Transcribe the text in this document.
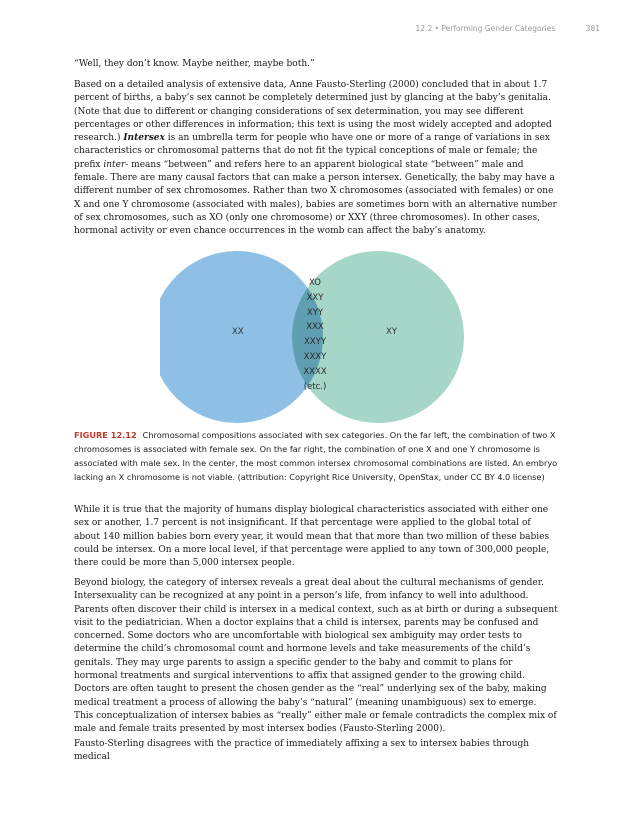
12.2 • Performing Gender Categories	381

“Well, they don’t know. Maybe neither, maybe both.”

Based on a detailed analysis of extensive data, Anne Fausto-Sterling (2000) concluded that in about 1.7 percent of births, a baby’s sex cannot be completely determined just by glancing at the baby’s genitalia. (Note that due to different or changing considerations of sex determination, you may see different percentages or other differences in information; this text is using the most widely accepted and adopted research.) Intersex is an umbrella term for people who have one or more of a range of variations in sex characteristics or chromosomal patterns that do not fit the typical conceptions of male or female; the prefix inter- means “between” and refers here to an apparent biological state “between” male and female. There are many causal factors that can make a person intersex. Genetically, the baby may have a different number of sex chromosomes. Rather than two X chromosomes (associated with females) or one X and one Y chromosome (associated with males), babies are sometimes born with an alternative number of sex chromosomes, such as XO (only one chromosome) or XXY (three chromosomes). In other cases, hormonal activity or even chance occurrences in the womb can affect the baby’s anatomy.

XX	XY
XO
XXY
XYY
XXX
XXYY
XXXY
XXXX
(etc.)
FIGURE 12.12 Chromosomal compositions associated with sex categories. On the far left, the combination of two X chromosomes is associated with female sex. On the far right, the combination of one X and one Y chromosome is associated with male sex. In the center, the most common intersex chromosomal combinations are listed. An embryo lacking an X chromosome is not viable. (attribution: Copyright Rice University, OpenStax, under CC BY 4.0 license)

While it is true that the majority of humans display biological characteristics associated with either one sex or another, 1.7 percent is not insignificant. If that percentage were applied to the global total of about 140 million babies born every year, it would mean that that more than two million of these babies could be intersex. On a more local level, if that percentage were applied to any town of 300,000 people, there could be more than 5,000 intersex people.

Beyond biology, the category of intersex reveals a great deal about the cultural mechanisms of gender. Intersexuality can be recognized at any point in a person’s life, from infancy to well into adulthood. Parents often discover their child is intersex in a medical context, such as at birth or during a subsequent visit to the pediatrician. When a doctor explains that a child is intersex, parents may be confused and concerned. Some doctors who are uncomfortable with biological sex ambiguity may order tests to determine the child’s chromosomal count and hormone levels and take measurements of the child’s genitals. They may urge parents to assign a specific gender to the baby and commit to plans for hormonal treatments and surgical interventions to affix that assigned gender to the growing child. Doctors are often taught to present the chosen gender as the “real” underlying sex of the baby, making medical treatment a process of allowing the baby’s “natural” (meaning unambiguous) sex to emerge. This conceptualization of intersex babies as “really” either male or female contradicts the complex mix of male and female traits presented by most intersex bodies (Fausto-Sterling 2000).

Fausto-Sterling disagrees with the practice of immediately affixing a sex to intersex babies through medical
